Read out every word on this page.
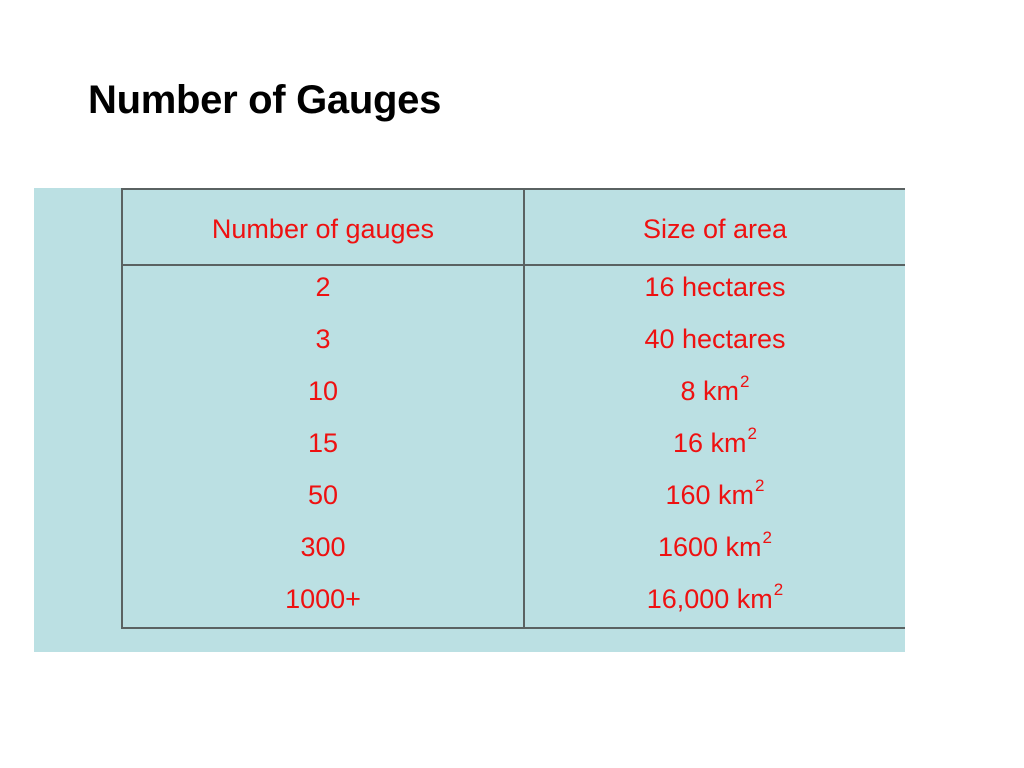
Number of Gauges
Number of gauges	Size of area
2	16 hectares
3	40 hectares
10	8 $km^2$
15	16 $km^2$
50	160 $km^2$
300	1600 $km^2$
1000+	16,000 $km^2$
